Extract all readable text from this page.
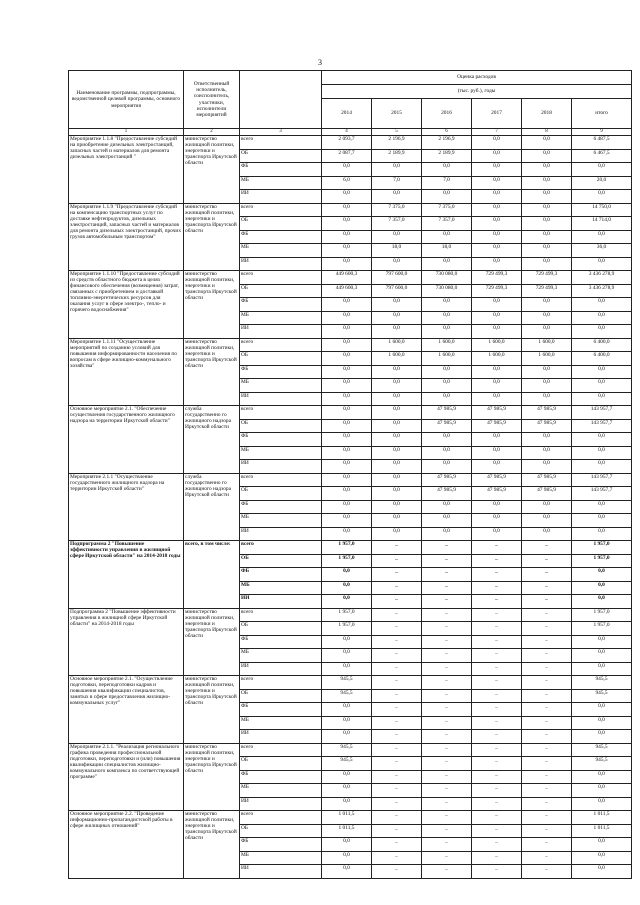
3
Наименование программы, подпрограммы, ведомственной целевой программы, основного мероприятия	Ответственный исполнитель, соисполнитель, участники, исполнители мероприятий		Оценка расходов					
			(тыс. руб.), годы					
			2014	2015	2016	2017	2018	итого
1	2	3	4	5	6	7	8	9
Мероприятие 1.1.8 "Предоставление субсидий на приобретение дизельных электростанций, запасных частей и материалов для ремонта дизельных электростанций "	министерство жилищной политики, энергетики и транспорта Иркутской области	всего	2 093,7	2 196,9	2 196,9	0,0	0,0	6 487,5
		ОБ	2 087,7	2 189,9	2 189,9	0,0	0,0	6 467,5
		ФБ	0,0	0,0	0,0	0,0	0,0	0,0
		МБ	6,0	7,0	7,0	0,0	0,0	20,0
		ИИ	0,0	0,0	0,0	0,0	0,0	0,0
Мероприятие 1.1.9 "Предоставление субсидий на компенсацию транспортных услуг по доставке нефтепродуктов, дизельных электростанций, запасных частей и материалов для ремонта дизельных электростанций, прочих грузов автомобильным транспортом"	министерство жилищной политики, энергетики и транспорта Иркутской области	всего	0,0	7 375,0	7 375,0	0,0	0,0	14 750,0
		ОБ	0,0	7 357,0	7 357,0	0,0	0,0	14 714,0
		ФБ	0,0	0,0	0,0	0,0	0,0	0,0
		МБ	0,0	18,0	18,0	0,0	0,0	36,0
		ИИ	0,0	0,0	0,0	0,0	0,0	0,0
Мероприятие 1.1.10 "Предоставление субсидий из средств областного бюджета в целях финансового обеспечения (возмещения) затрат, связанных с приобретением и доставкой топливно-энергетических ресурсов для оказания услуг в сфере электро-, тепло- и горячего водоснабжения"	министерство жилищной политики, энергетики и транспорта Иркутской области	всего	449 600,3	797 600,0	730 080,0	729 499,3	729 499,3	3 436 278,9
		ОБ	449 600,3	797 600,0	730 080,0	729 499,3	729 499,3	3 436 278,9
		ФБ	0,0	0,0	0,0	0,0	0,0	0,0
		МБ	0,0	0,0	0,0	0,0	0,0	0,0
		ИИ	0,0	0,0	0,0	0,0	0,0	0,0
Мероприятие 1.1.11 "Осуществление мероприятий по созданию условий для повышения информированности населения по вопросам в сфере жилищно-коммунального хозяйства"	министерство жилищной политики, энергетики и транспорта Иркутской области	всего	0,0	1 600,0	1 600,0	1 600,0	1 600,0	6 400,0
		ОБ	0,0	1 600,0	1 600,0	1 600,0	1 600,0	6 400,0
		ФБ	0,0	0,0	0,0	0,0	0,0	0,0
		МБ	0,0	0,0	0,0	0,0	0,0	0,0
		ИИ	0,0	0,0	0,0	0,0	0,0	0,0
Основное мероприятие 2.1. "Обеспечение осуществления государственного жилищного надзора на территории Иркутской области"	служба государственно го жилищного надзора Иркутской области	всего	0,0	0,0	47 985,9	47 985,9	47 985,9	143 957,7
		ОБ	0,0	0,0	47 985,9	47 985,9	47 985,9	143 957,7
		ФБ	0,0	0,0	0,0	0,0	0,0	0,0
		МБ	0,0	0,0	0,0	0,0	0,0	0,0
		ИИ	0,0	0,0	0,0	0,0	0,0	0,0
Мероприятие 2.1.1 "Осуществление государственного жилищного надзора на территории Иркутской области"	служба государственно го жилищного надзора Иркутской области	всего	0,0	0,0	47 985,9	47 985,9	47 985,9	143 957,7
		ОБ	0,0	0,0	47 985,9	47 985,9	47 985,9	143 957,7
		ФБ	0,0	0,0	0,0	0,0	0,0	0,0
		МБ	0,0	0,0	0,0	0,0	0,0	0,0
		ИИ	0,0	0,0	0,0	0,0	0,0	0,0
Подпрограмма 2 "Повышение эффективности управления в жилищной сфере Иркутской области" на 2014-2018 годы	всего, в том числе:	всего	1 957,0	_	_	_	_	1 957,0
		ОБ	1 957,0	_	_	_	_	1 957,0
		ФБ	0,0	_	_	_	_	0,0
		МБ	0,0	_	_	_	_	0,0
		ИИ	0,0	_	_	_	_	0,0
Подпрограмма 2 "Повышение эффективности управления в жилищной сфере Иркутской области" на 2014-2018 годы	министерство жилищной политики, энергетики и транспорта Иркутской области	всего	1 957,0	_	_	_	_	1 957,0
		ОБ	1 957,0	_	_	_	_	1 957,0
		ФБ	0,0	_	_	_	_	0,0
		МБ	0,0	_	_	_	_	0,0
		ИИ	0,0	_	_	_	_	0,0
Основное мероприятие 2.1. "Осуществление подготовки, переподготовки кадров и повышения квалификации специалистов, занятых в сфере предоставления жилищно-коммунальных услуг"	министерство жилищной политики, энергетики и транспорта Иркутской области	всего	945,5	_	_	_	_	945,5
		ОБ	945,5	_	_	_	_	945,5
		ФБ	0,0	_	_	_	_	0,0
		МБ	0,0	_	_	_	_	0,0
		ИИ	0,0	_	_	_	_	0,0
Мероприятие 2.1.1. "Реализация регионального графика проведения профессиональной подготовки, переподготовки и (или) повышения квалификации специалистов жилищно-коммунального комплекса по соответствующей программе"	министерство жилищной политики, энергетики и транспорта Иркутской области	всего	945,5	_	_	_	_	945,5
		ОБ	945,5	_	_	_	_	945,5
		ФБ	0,0	_	_	_	_	0,0
		МБ	0,0	_	_	_	_	0,0
		ИИ	0,0	_	_	_	_	0,0
Основное мероприятие 2.2. "Проведение информационно-пропагандистской работы в сфере жилищных отношений"	министерство жилищной политики, энергетики и транспорта Иркутской области	всего	1 011,5	_	_	_	_	1 011,5
		ОБ	1 011,5	_	_	_	_	1 011,5
		ФБ	0,0	_	_	_	_	0,0
		МБ	0,0	_	_	_	_	0,0
		ИИ	0,0	_	_	_	_	0,0
